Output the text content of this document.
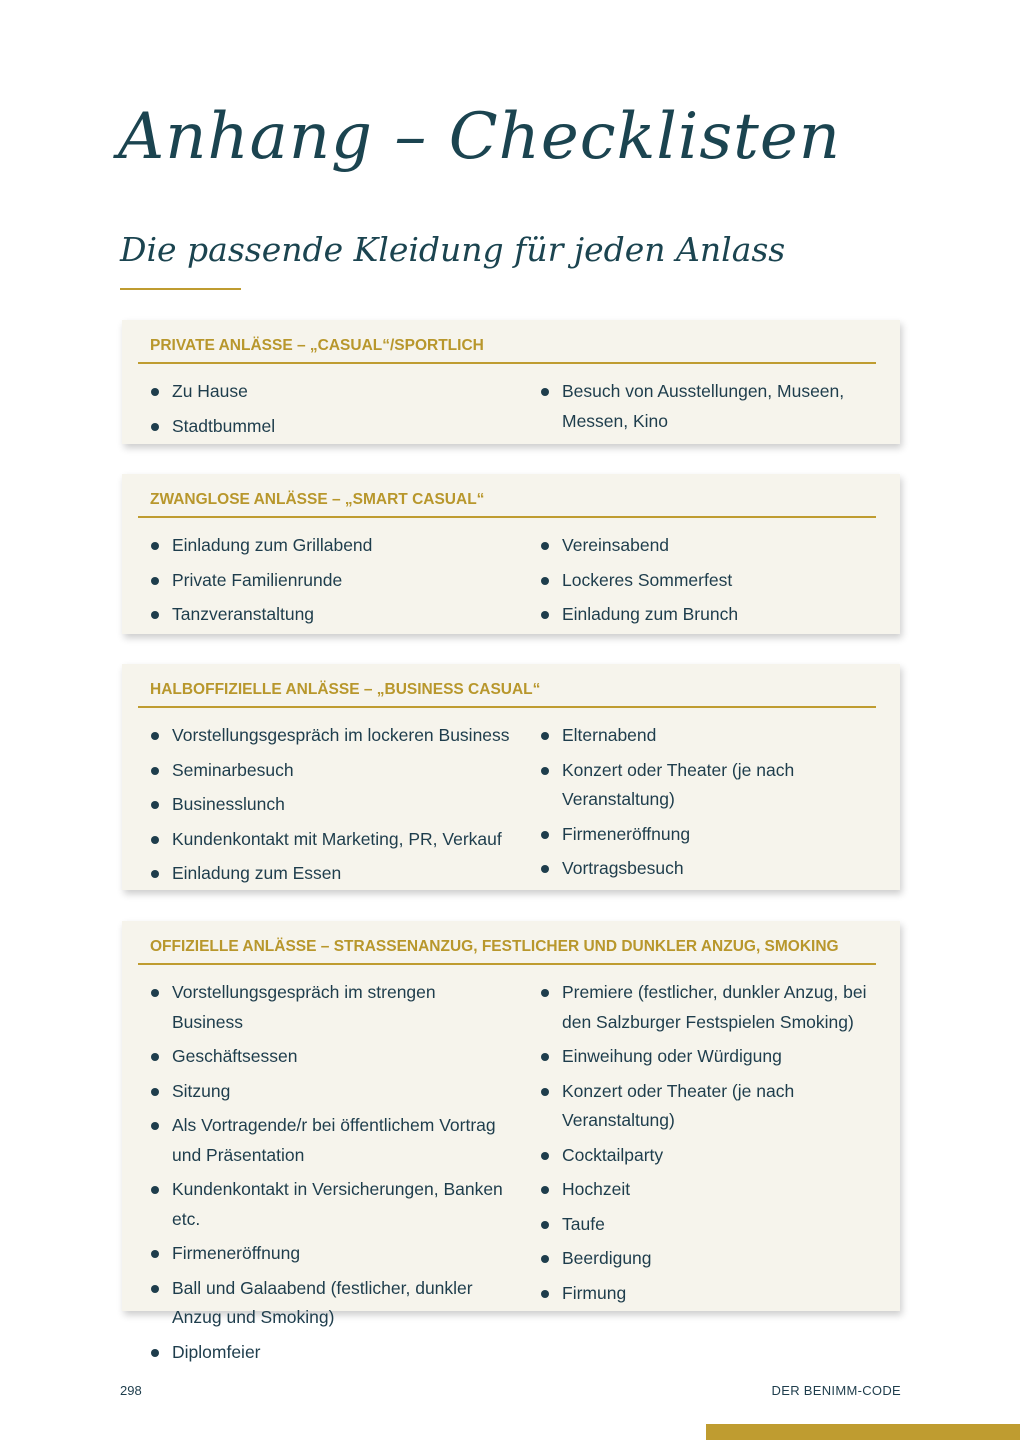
Anhang – Checklisten
Die passende Kleidung für jeden Anlass
PRIVATE ANLÄSSE – „CASUAL“/SPORTLICH
Zu Hause
Stadtbummel
Besuch von Ausstellungen, Museen, Messen, Kino
ZWANGLOSE ANLÄSSE – „SMART CASUAL“
Einladung zum Grillabend
Private Familienrunde
Tanzveranstaltung
Vereinsabend
Lockeres Sommerfest
Einladung zum Brunch
HALBOFFIZIELLE ANLÄSSE – „BUSINESS CASUAL“
Vorstellungsgespräch im lockeren Business
Seminarbesuch
Businesslunch
Kundenkontakt mit Marketing, PR, Verkauf
Einladung zum Essen
Elternabend
Konzert oder Theater (je nach Veranstaltung)
Firmeneröffnung
Vortragsbesuch
OFFIZIELLE ANLÄSSE – STRASSENANZUG, FESTLICHER UND DUNKLER ANZUG, SMOKING
Vorstellungsgespräch im strengen Business
Geschäftsessen
Sitzung
Als Vortragende/r bei öffentlichem Vortrag und Präsentation
Kundenkontakt in Versicherungen, Banken etc.
Firmeneröffnung
Ball und Galaabend (festlicher, dunkler Anzug und Smoking)
Diplomfeier
Premiere (festlicher, dunkler Anzug, bei den Salzburger Festspielen Smoking)
Einweihung oder Würdigung
Konzert oder Theater (je nach Veranstaltung)
Cocktailparty
Hochzeit
Taufe
Beerdigung
Firmung
298	DER BENIMM-CODE
